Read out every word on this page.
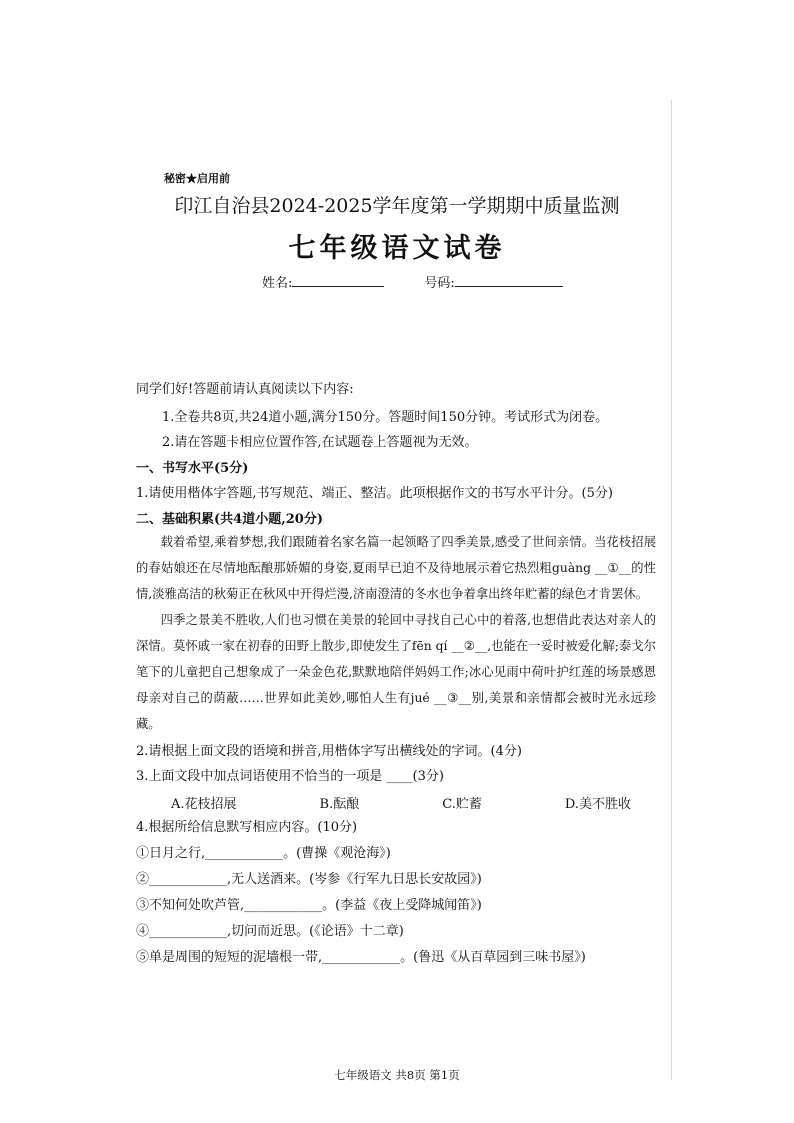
秘密★启用前
印江自治县2024-2025学年度第一学期期中质量监测
七年级语文试卷
姓名:	号码:
同学们好!答题前请认真阅读以下内容:
1.全卷共8页,共24道小题,满分150分。答题时间150分钟。考试形式为闭卷。
2.请在答题卡相应位置作答,在试题卷上答题视为无效。
一、书写水平(5分)
1.请使用楷体字答题,书写规范、端正、整洁。此项根据作文的书写水平计分。(5分)
二、基础积累(共4道小题,20分)

载着希望,乘着梦想,我们跟随着名家名篇一起领略了四季美景,感受了世间亲情。当花枝招展的春姑娘还在尽情地酝酿那娇媚的身姿,夏雨早已迫不及待地展示着它热烈粗guàng __①__的性情,淡雅高洁的秋菊正在秋风中开得烂漫,济南澄清的冬水也争着拿出终年贮蓄的绿色才肯罢休。

四季之景美不胜收,人们也习惯在美景的轮回中寻找自己心中的着落,也想借此表达对亲人的深情。莫怀戚一家在初春的田野上散步,即使发生了fēn qí __②__,也能在一妥时被爱化解;泰戈尔笔下的儿童把自己想象成了一朵金色花,默默地陪伴妈妈工作;冰心见雨中荷叶护红莲的场景感恩母亲对自己的荫蔽……世界如此美妙,哪怕人生有jué __③__别,美景和亲情都会被时光永远珍藏。

2.请根据上面文段的语境和拼音,用楷体字写出横线处的字词。(4分)
3.上面文段中加点词语使用不恰当的一项是 ____(3分)
A.花枝招展	B.酝酿	C.贮蓄	D.美不胜收
4.根据所给信息默写相应内容。(10分)
①日月之行,____________。(曹操《观沧海》)
②____________,无人送酒来。(岑参《行军九日思长安故园》)
③不知何处吹芦管,____________。(李益《夜上受降城闻笛》)
④____________,切问而近思。(《论语》十二章)
⑤单是周围的短短的泥墙根一带,____________。(鲁迅《从百草园到三味书屋》)
七年级语文 共8页 第1页
